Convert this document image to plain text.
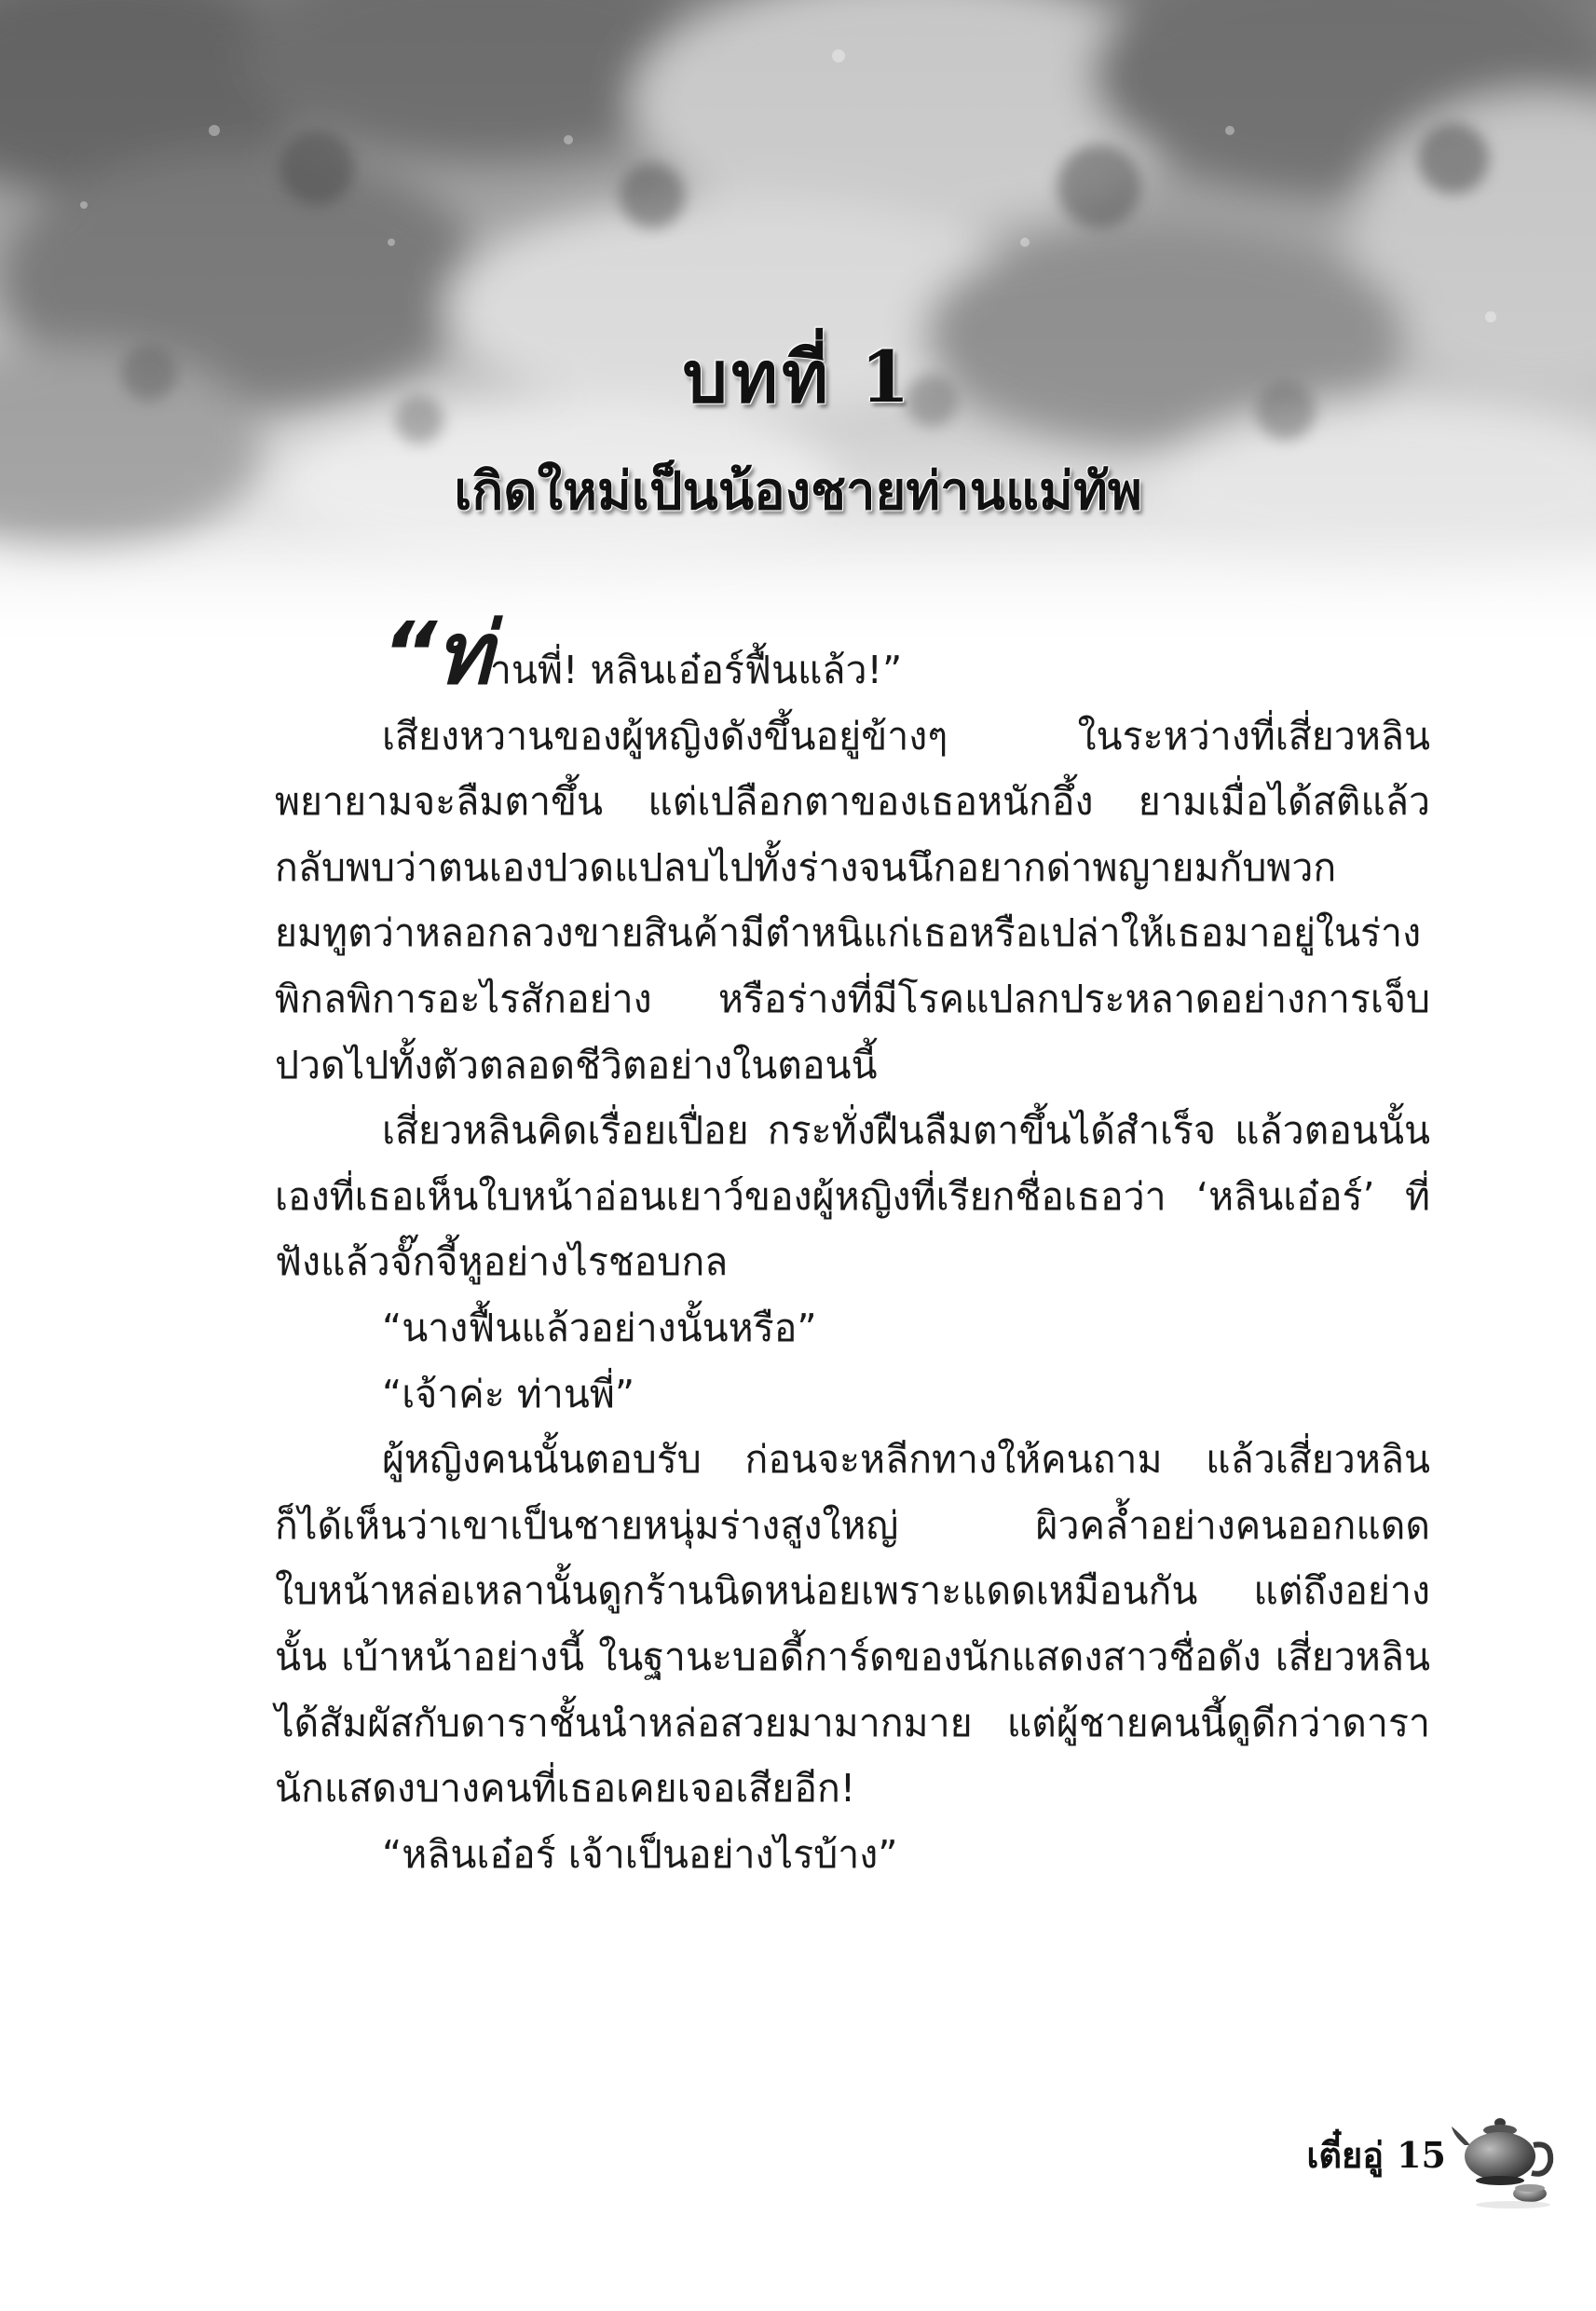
บทที่ 1
เกิดใหม่เป็นน้องชายท่านแม่ทัพ

“ท่านพี่! หลินเอ๋อร์ฟื้นแล้ว!”

เสียงหวานของผู้หญิงดังขึ้นอยู่ข้างๆ ในระหว่างที่เสี่ยวหลินพยายามจะลืมตาขึ้น แต่เปลือกตาของเธอหนักอึ้ง ยามเมื่อได้สติแล้ว กลับพบว่าตนเองปวดแปลบไปทั้งร่างจนนึกอยากด่าพญายมกับพวกยมทูตว่าหลอกลวงขายสินค้ามีตำหนิแก่เธอหรือเปล่าให้เธอมาอยู่ในร่างพิกลพิการอะไรสักอย่าง หรือร่างที่มีโรคแปลกประหลาดอย่างการเจ็บปวดไปทั้งตัวตลอดชีวิตอย่างในตอนนี้

เสี่ยวหลินคิดเรื่อยเปื่อย กระทั่งฝืนลืมตาขึ้นได้สำเร็จ แล้วตอนนั้นเองที่เธอเห็นใบหน้าอ่อนเยาว์ของผู้หญิงที่เรียกชื่อเธอว่า ‘หลินเอ๋อร์’ ที่ฟังแล้วจั๊กจี้หูอย่างไรชอบกล

“นางฟื้นแล้วอย่างนั้นหรือ”

“เจ้าค่ะ ท่านพี่”

ผู้หญิงคนนั้นตอบรับ ก่อนจะหลีกทางให้คนถาม แล้วเสี่ยวหลินก็ได้เห็นว่าเขาเป็นชายหนุ่มร่างสูงใหญ่ ผิวคล้ำอย่างคนออกแดด ใบหน้าหล่อเหลานั้นดูกร้านนิดหน่อยเพราะแดดเหมือนกัน แต่ถึงอย่างนั้น เบ้าหน้าอย่างนี้ ในฐานะบอดี้การ์ดของนักแสดงสาวชื่อดัง เสี่ยวหลินได้สัมผัสกับดาราชั้นนำหล่อสวยมามากมาย แต่ผู้ชายคนนี้ดูดีกว่าดารานักแสดงบางคนที่เธอเคยเจอเสียอีก!

“หลินเอ๋อร์ เจ้าเป็นอย่างไรบ้าง”

เตี๋ยอู่ 15
